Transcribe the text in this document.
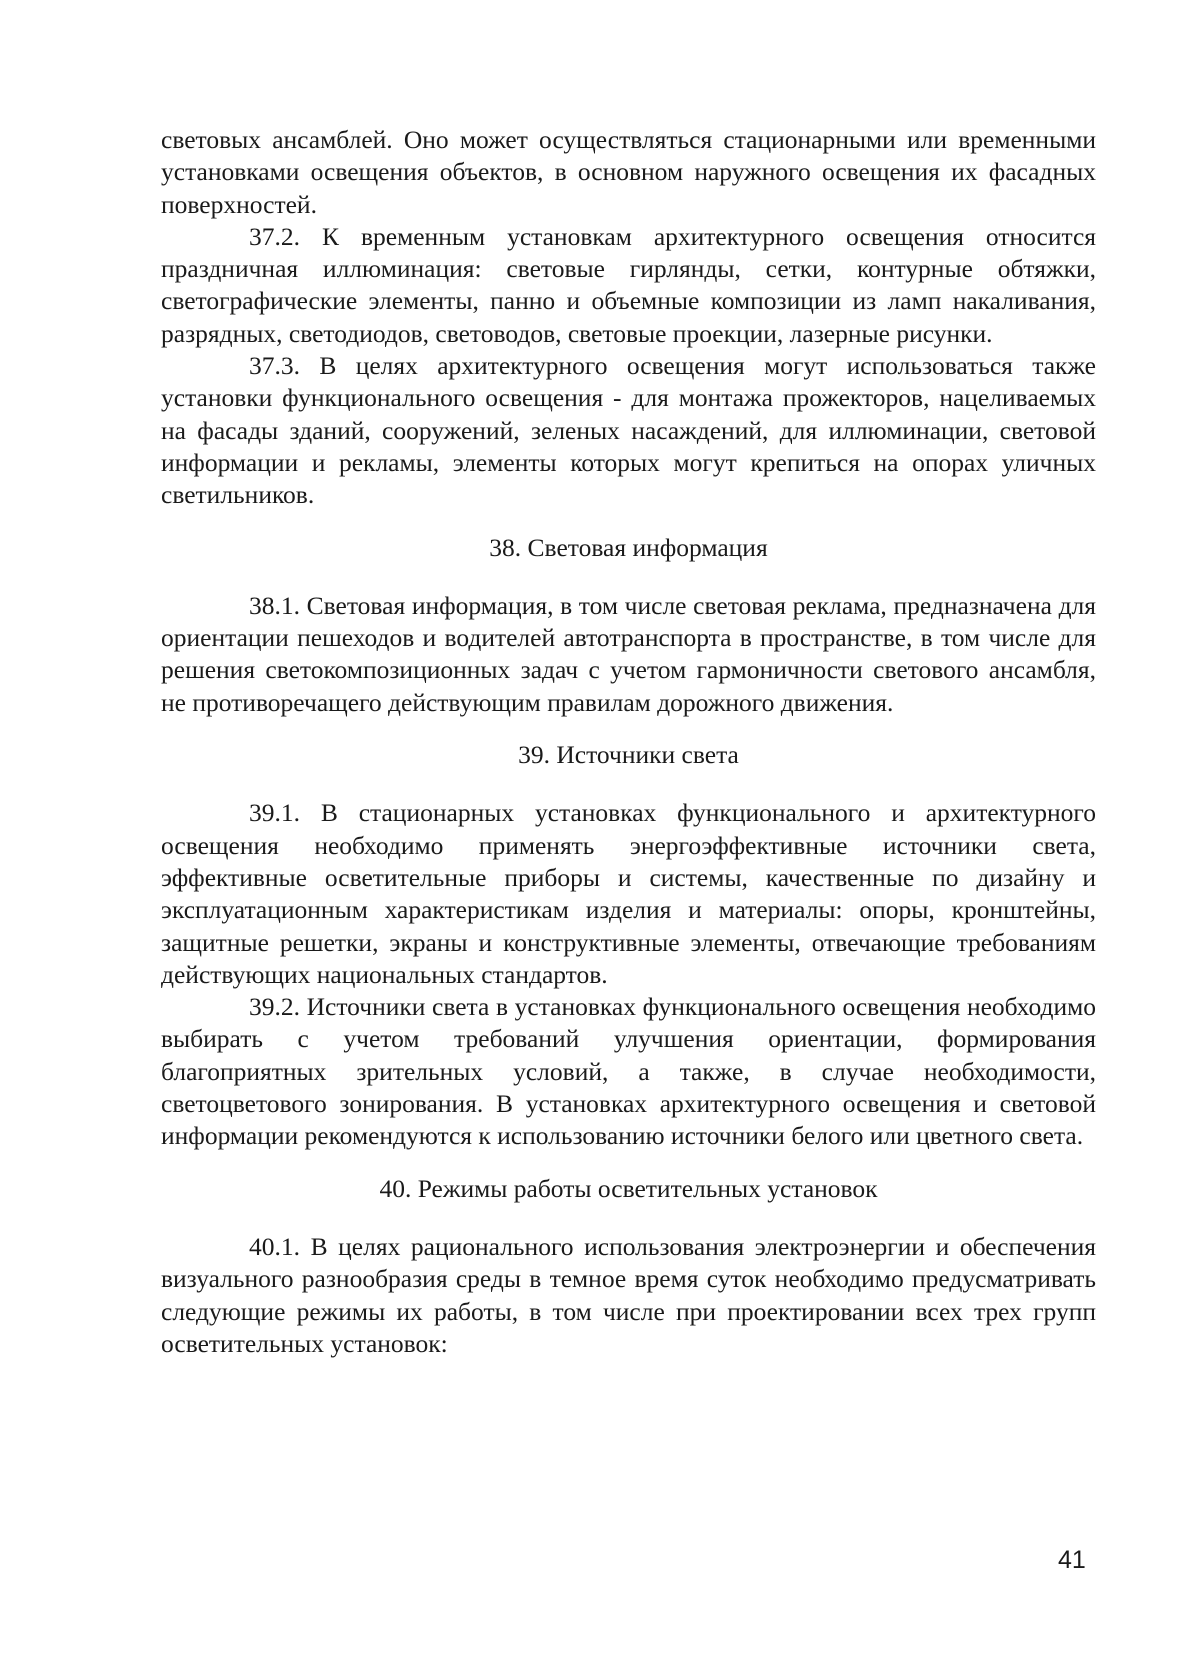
световых ансамблей. Оно может осуществляться стационарными или временными установками освещения объектов, в основном наружного освещения их фасадных поверхностей.

37.2. К временным установкам архитектурного освещения относится праздничная иллюминация: световые гирлянды, сетки, контурные обтяжки, светографические элементы, панно и объемные композиции из ламп накаливания, разрядных, светодиодов, световодов, световые проекции, лазерные рисунки.

37.3. В целях архитектурного освещения могут использоваться также установки функционального освещения - для монтажа прожекторов, нацеливаемых на фасады зданий, сооружений, зеленых насаждений, для иллюминации, световой информации и рекламы, элементы которых могут крепиться на опорах уличных светильников.

38. Световая информация

38.1. Световая информация, в том числе световая реклама, предназначена для ориентации пешеходов и водителей автотранспорта в пространстве, в том числе для решения светокомпозиционных задач с учетом гармоничности светового ансамбля, не противоречащего действующим правилам дорожного движения.

39. Источники света

39.1. В стационарных установках функционального и архитектурного освещения необходимо применять энергоэффективные источники света, эффективные осветительные приборы и системы, качественные по дизайну и эксплуатационным характеристикам изделия и материалы: опоры, кронштейны, защитные решетки, экраны и конструктивные элементы, отвечающие требованиям действующих национальных стандартов.

39.2. Источники света в установках функционального освещения необходимо выбирать с учетом требований улучшения ориентации, формирования благоприятных зрительных условий, а также, в случае необходимости, светоцветового зонирования. В установках архитектурного освещения и световой информации рекомендуются к использованию источники белого или цветного света.

40. Режимы работы осветительных установок

40.1. В целях рационального использования электроэнергии и обеспечения визуального разнообразия среды в темное время суток необходимо предусматривать следующие режимы их работы, в том числе при проектировании всех трех групп осветительных установок:

41
